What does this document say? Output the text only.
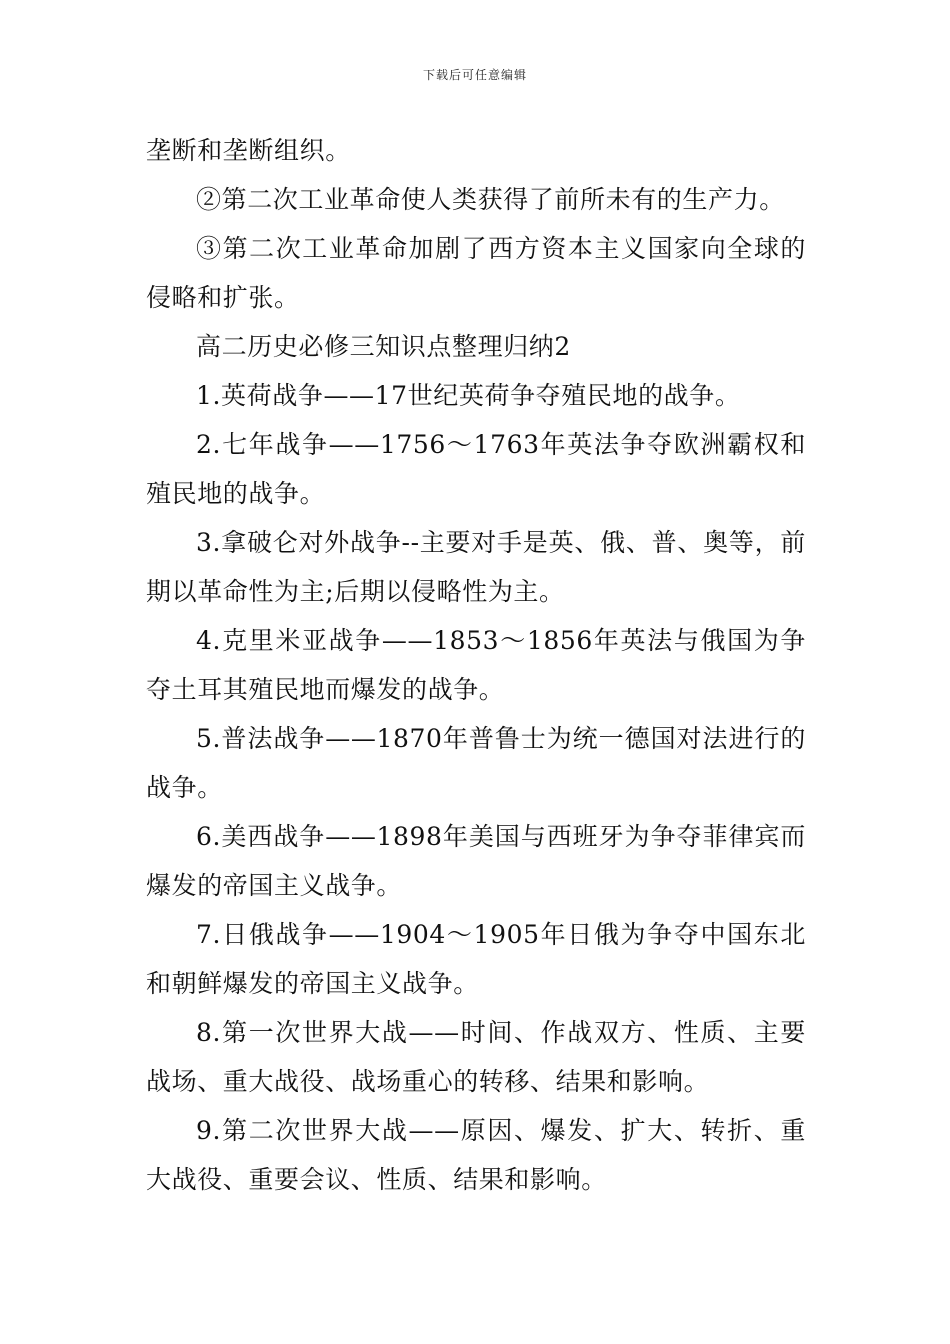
下载后可任意编辑

垄断和垄断组织。

②第二次工业革命使人类获得了前所未有的生产力。

③第二次工业革命加剧了西方资本主义国家向全球的侵略和扩张。

高二历史必修三知识点整理归纳2

1.英荷战争——17世纪英荷争夺殖民地的战争。

2.七年战争——1756～1763年英法争夺欧洲霸权和殖民地的战争。

3.拿破仑对外战争--主要对手是英、俄、普、奥等，前期以革命性为主;后期以侵略性为主。

4.克里米亚战争——1853～1856年英法与俄国为争夺土耳其殖民地而爆发的战争。

5.普法战争——1870年普鲁士为统一德国对法进行的战争。

6.美西战争——1898年美国与西班牙为争夺菲律宾而爆发的帝国主义战争。

7.日俄战争——1904～1905年日俄为争夺中国东北和朝鲜爆发的帝国主义战争。

8.第一次世界大战——时间、作战双方、性质、主要战场、重大战役、战场重心的转移、结果和影响。

9.第二次世界大战——原因、爆发、扩大、转折、重大战役、重要会议、性质、结果和影响。
